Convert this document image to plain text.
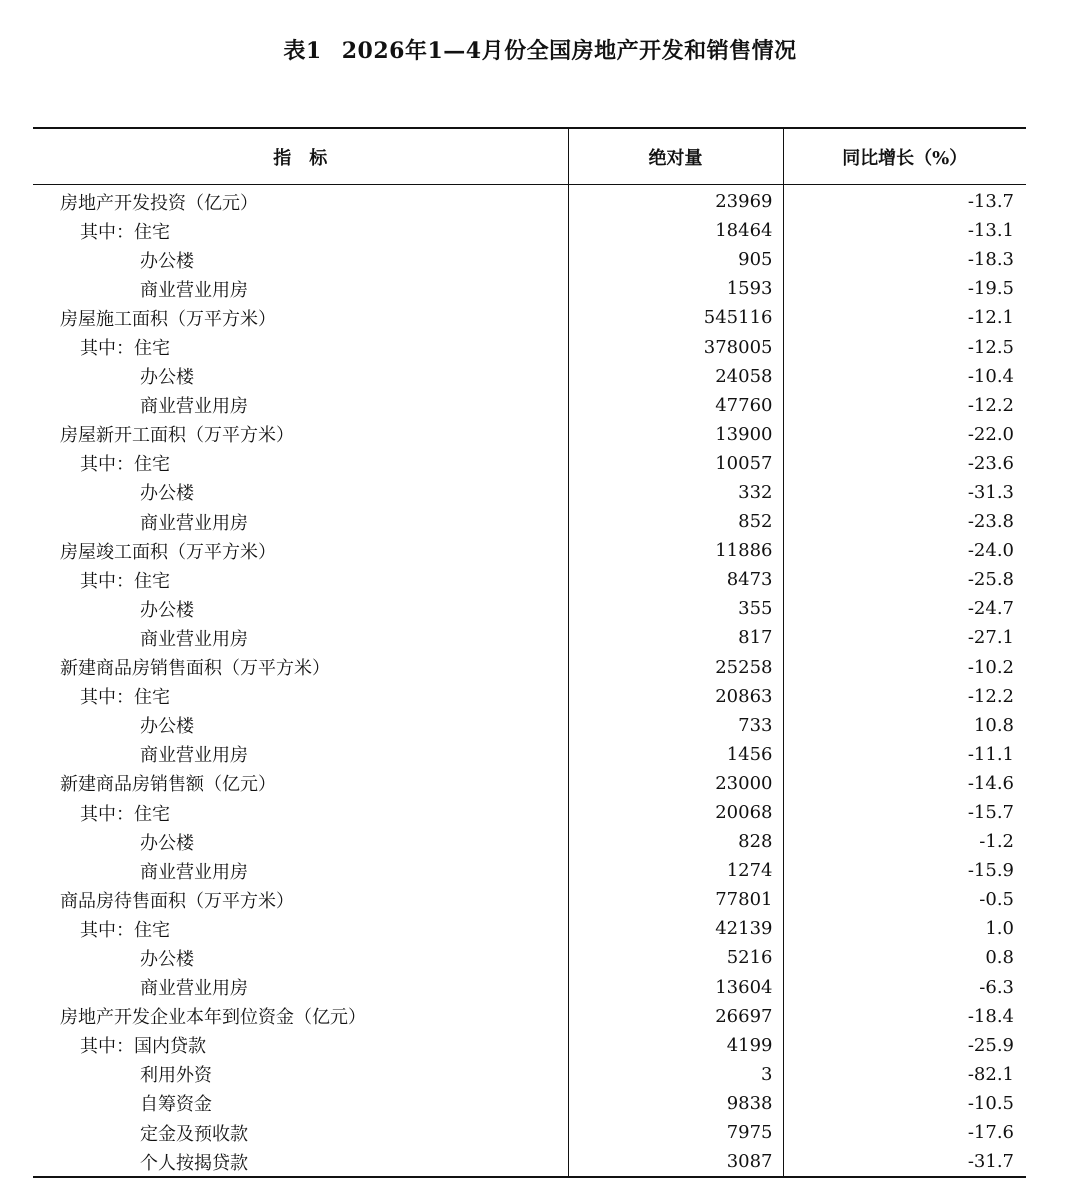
表1 2026年1—4月份全国房地产开发和销售情况
指　标	绝对量	同比增长（%）
房地产开发投资（亿元）	23969	-13.7
其中：住宅	18464	-13.1
办公楼	905	-18.3
商业营业用房	1593	-19.5
房屋施工面积（万平方米）	545116	-12.1
其中：住宅	378005	-12.5
办公楼	24058	-10.4
商业营业用房	47760	-12.2
房屋新开工面积（万平方米）	13900	-22.0
其中：住宅	10057	-23.6
办公楼	332	-31.3
商业营业用房	852	-23.8
房屋竣工面积（万平方米）	11886	-24.0
其中：住宅	8473	-25.8
办公楼	355	-24.7
商业营业用房	817	-27.1
新建商品房销售面积（万平方米）	25258	-10.2
其中：住宅	20863	-12.2
办公楼	733	10.8
商业营业用房	1456	-11.1
新建商品房销售额（亿元）	23000	-14.6
其中：住宅	20068	-15.7
办公楼	828	-1.2
商业营业用房	1274	-15.9
商品房待售面积（万平方米）	77801	-0.5
其中：住宅	42139	1.0
办公楼	5216	0.8
商业营业用房	13604	-6.3
房地产开发企业本年到位资金（亿元）	26697	-18.4
其中：国内贷款	4199	-25.9
利用外资	3	-82.1
自筹资金	9838	-10.5
定金及预收款	7975	-17.6
个人按揭贷款	3087	-31.7
